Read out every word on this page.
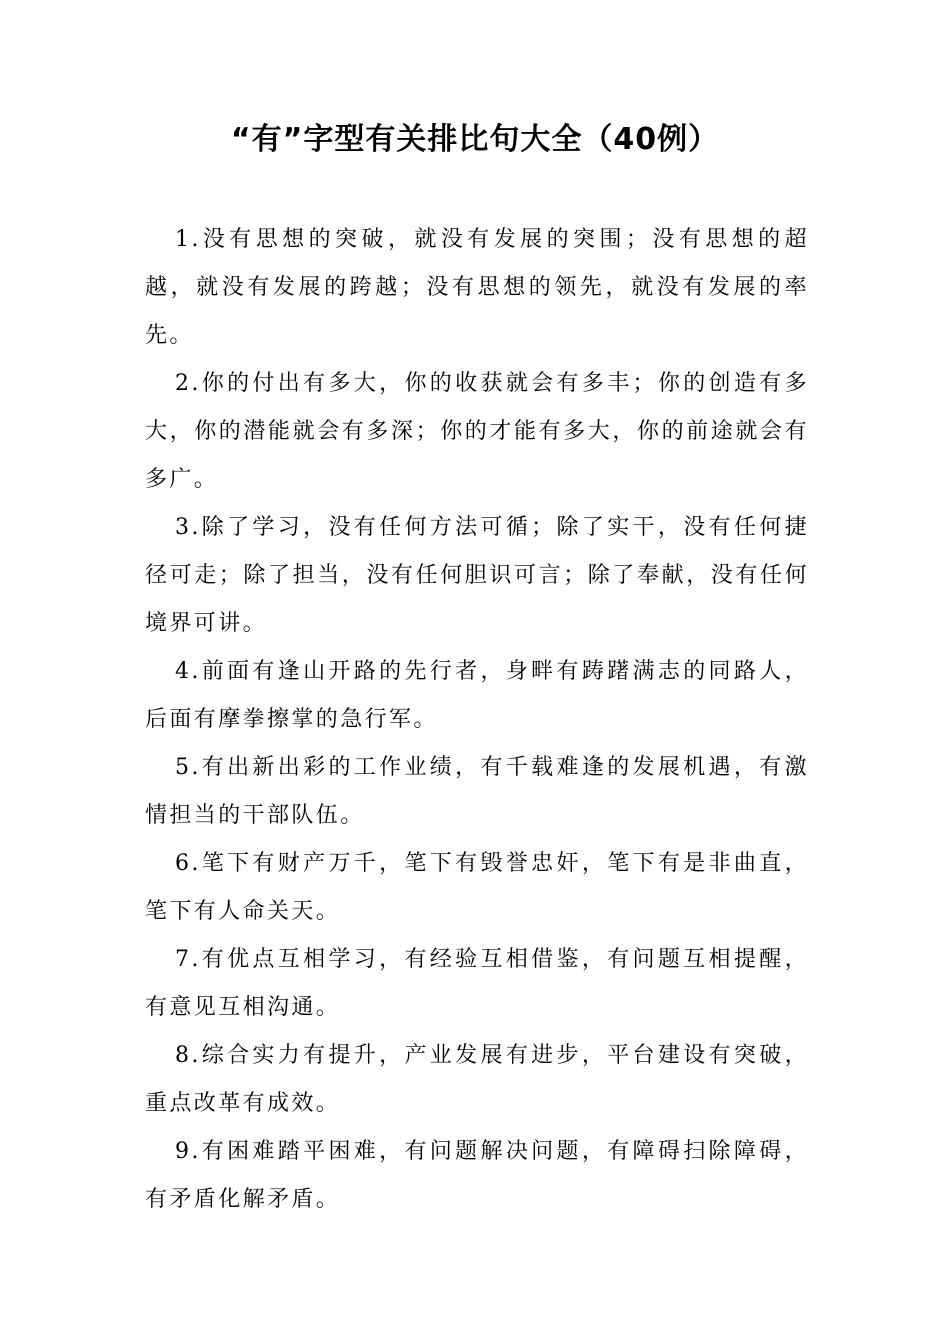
“有”字型有关排比句大全（40例）

1.没有思想的突破，就没有发展的突围；没有思想的超越，就没有发展的跨越；没有思想的领先，就没有发展的率先。

2.你的付出有多大，你的收获就会有多丰；你的创造有多大，你的潜能就会有多深；你的才能有多大，你的前途就会有多广。

3.除了学习，没有任何方法可循；除了实干，没有任何捷径可走；除了担当，没有任何胆识可言；除了奉献，没有任何境界可讲。

4.前面有逢山开路的先行者，身畔有踌躇满志的同路人，后面有摩拳擦掌的急行军。

5.有出新出彩的工作业绩，有千载难逢的发展机遇，有激情担当的干部队伍。

6.笔下有财产万千，笔下有毁誉忠奸，笔下有是非曲直，笔下有人命关天。

7.有优点互相学习，有经验互相借鉴，有问题互相提醒，有意见互相沟通。

8.综合实力有提升，产业发展有进步，平台建设有突破，重点改革有成效。

9.有困难踏平困难，有问题解决问题，有障碍扫除障碍，有矛盾化解矛盾。
